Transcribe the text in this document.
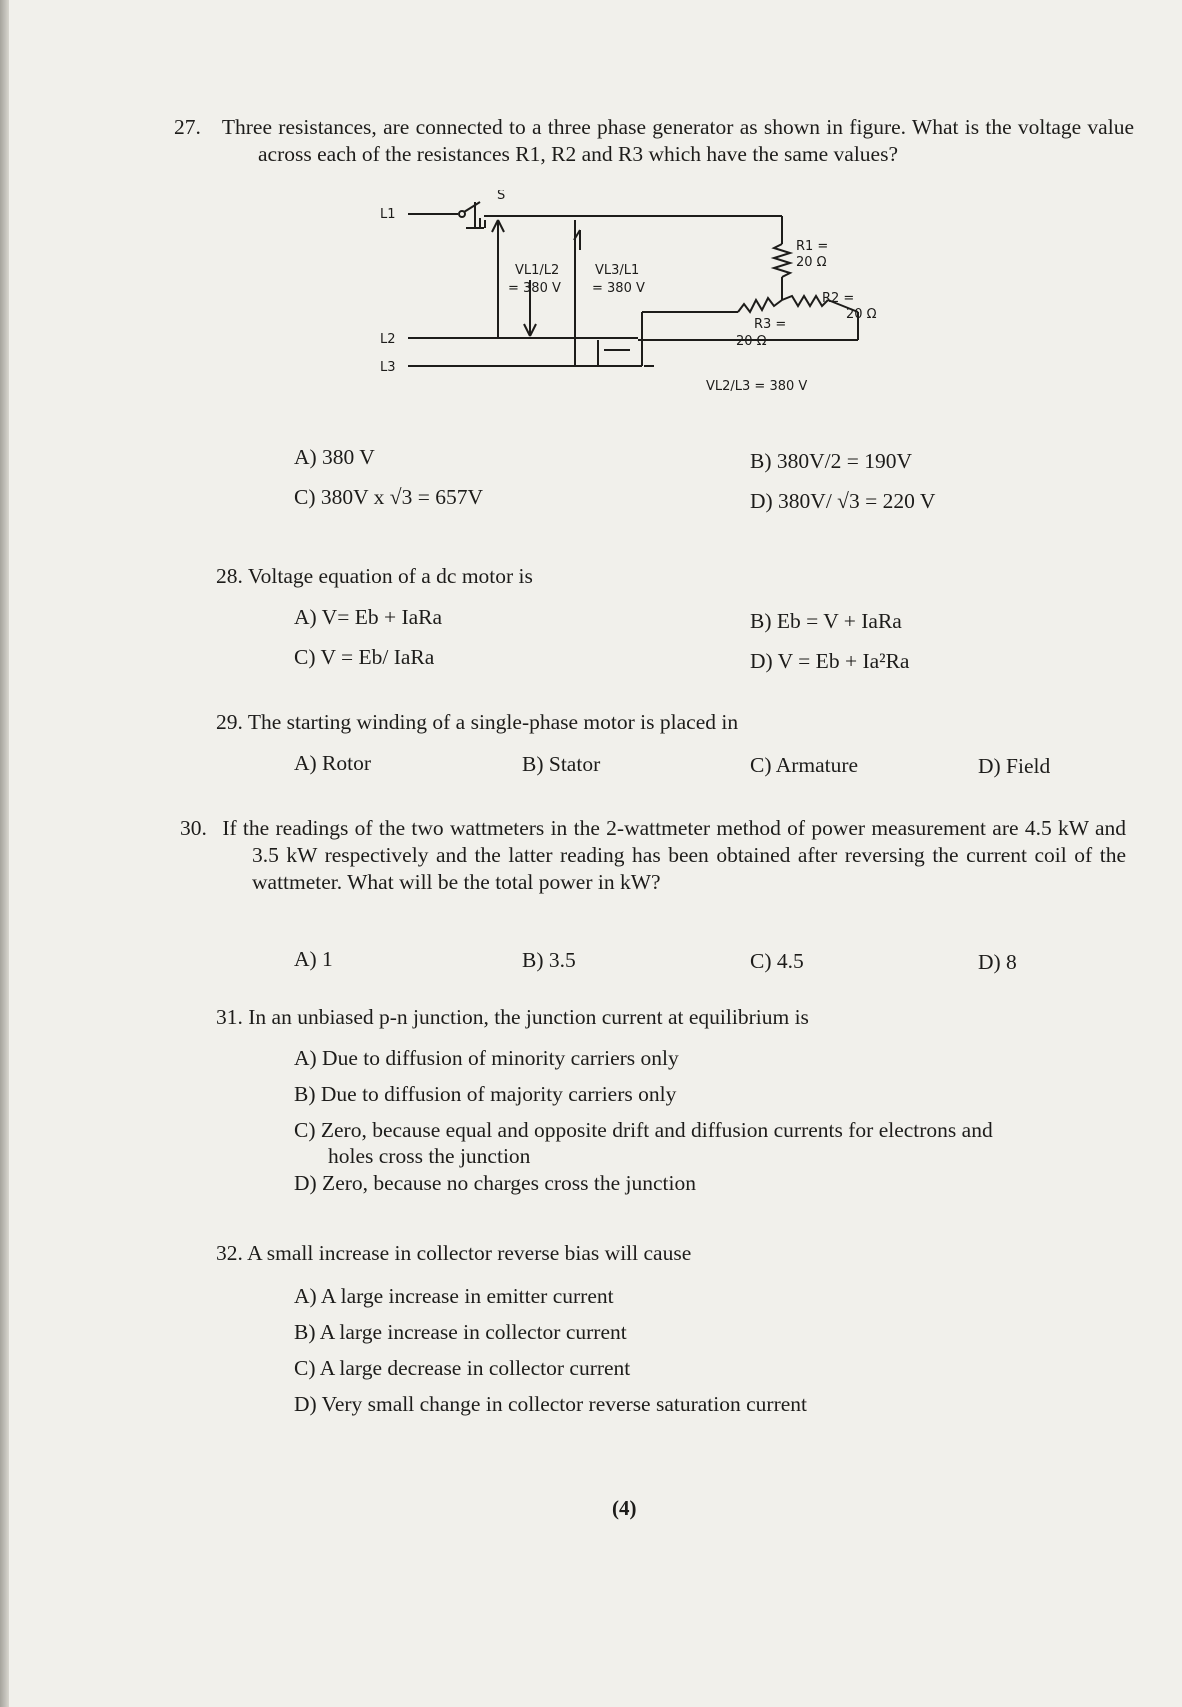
27. Three resistances, are connected to a three phase generator as shown in figure. What is the voltage value across each of the resistances R1, R2 and R3 which have the same values?

L1
L2
L3
S
VL1/L2
= 380 V
VL3/L1
= 380 V
R1 =
20 Ω
R2 =
20 Ω
R3 =
20 Ω
VL2/L3 = 380 V
A) 380 V	B) 380V/2 = 190V
C) 380V x √3 = 657V	D) 380V/ √3 = 220 V

28. Voltage equation of a dc motor is

A) V= Eb + IaRa	B) Eb = V + IaRa
C) V = Eb/ IaRa	D) V = Eb + Ia²Ra

29. The starting winding of a single-phase motor is placed in

A) Rotor	B) Stator	C) Armature	D) Field

30. If the readings of the two wattmeters in the 2-wattmeter method of power measurement are 4.5 kW and 3.5 kW respectively and the latter reading has been obtained after reversing the current coil of the wattmeter. What will be the total power in kW?

A) 1	B) 3.5	C) 4.5	D) 8

31. In an unbiased p-n junction, the junction current at equilibrium is

A) Due to diffusion of minority carriers only
B) Due to diffusion of majority carriers only
C) Zero, because equal and opposite drift and diffusion currents for electrons and
holes cross the junction
D) Zero, because no charges cross the junction

32. A small increase in collector reverse bias will cause

A) A large increase in emitter current
B) A large increase in collector current
C) A large decrease in collector current
D) Very small change in collector reverse saturation current
(4)
